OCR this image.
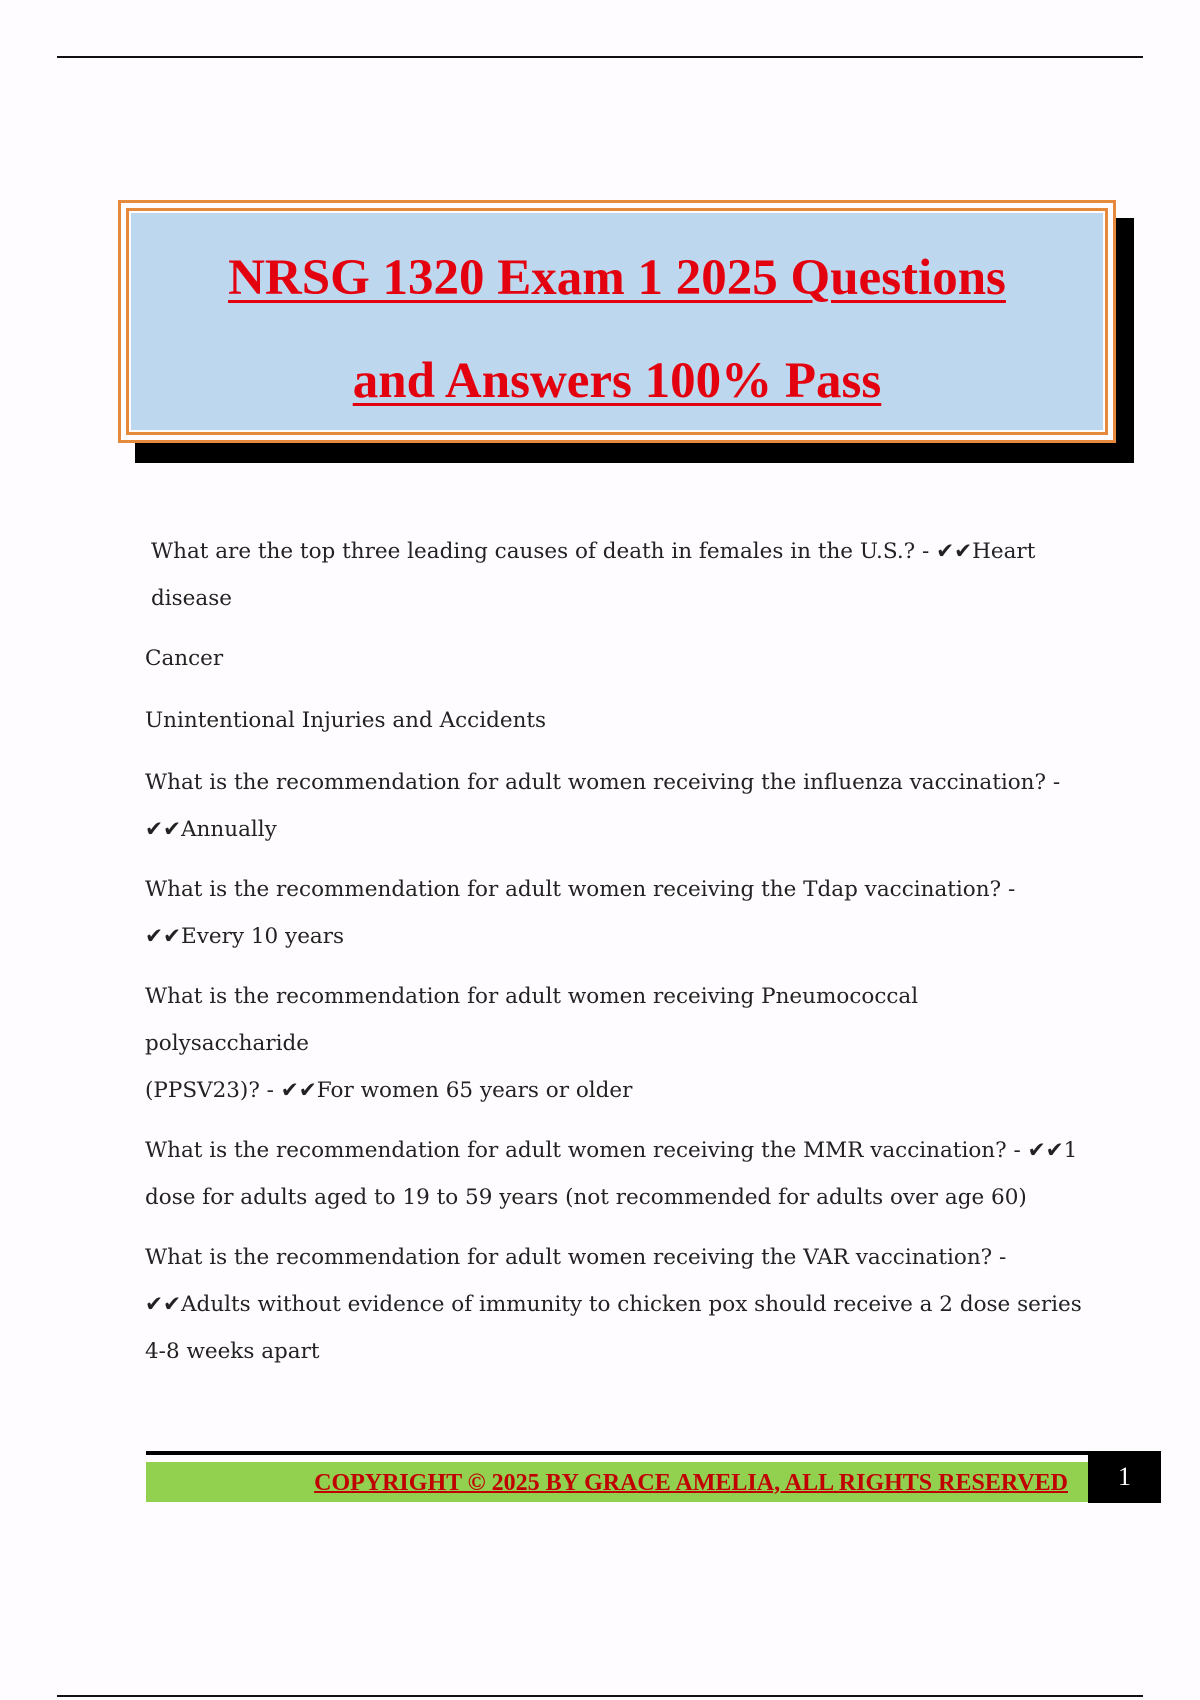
NRSG 1320 Exam 1 2025 Questions
and Answers 100% Pass
What are the top three leading causes of death in females in the U.S.? - ✔✔Heart
disease
Cancer
Unintentional Injuries and Accidents
What is the recommendation for adult women receiving the influenza vaccination? -
✔✔Annually
What is the recommendation for adult women receiving the Tdap vaccination? -
✔✔Every 10 years
What is the recommendation for adult women receiving Pneumococcal polysaccharide
(PPSV23)? - ✔✔For women 65 years or older
What is the recommendation for adult women receiving the MMR vaccination? - ✔✔1
dose for adults aged to 19 to 59 years (not recommended for adults over age 60)
What is the recommendation for adult women receiving the VAR vaccination? -
✔✔Adults without evidence of immunity to chicken pox should receive a 2 dose series
4-8 weeks apart
COPYRIGHT © 2025 BY GRACE AMELIA, ALL RIGHTS RESERVED	1
